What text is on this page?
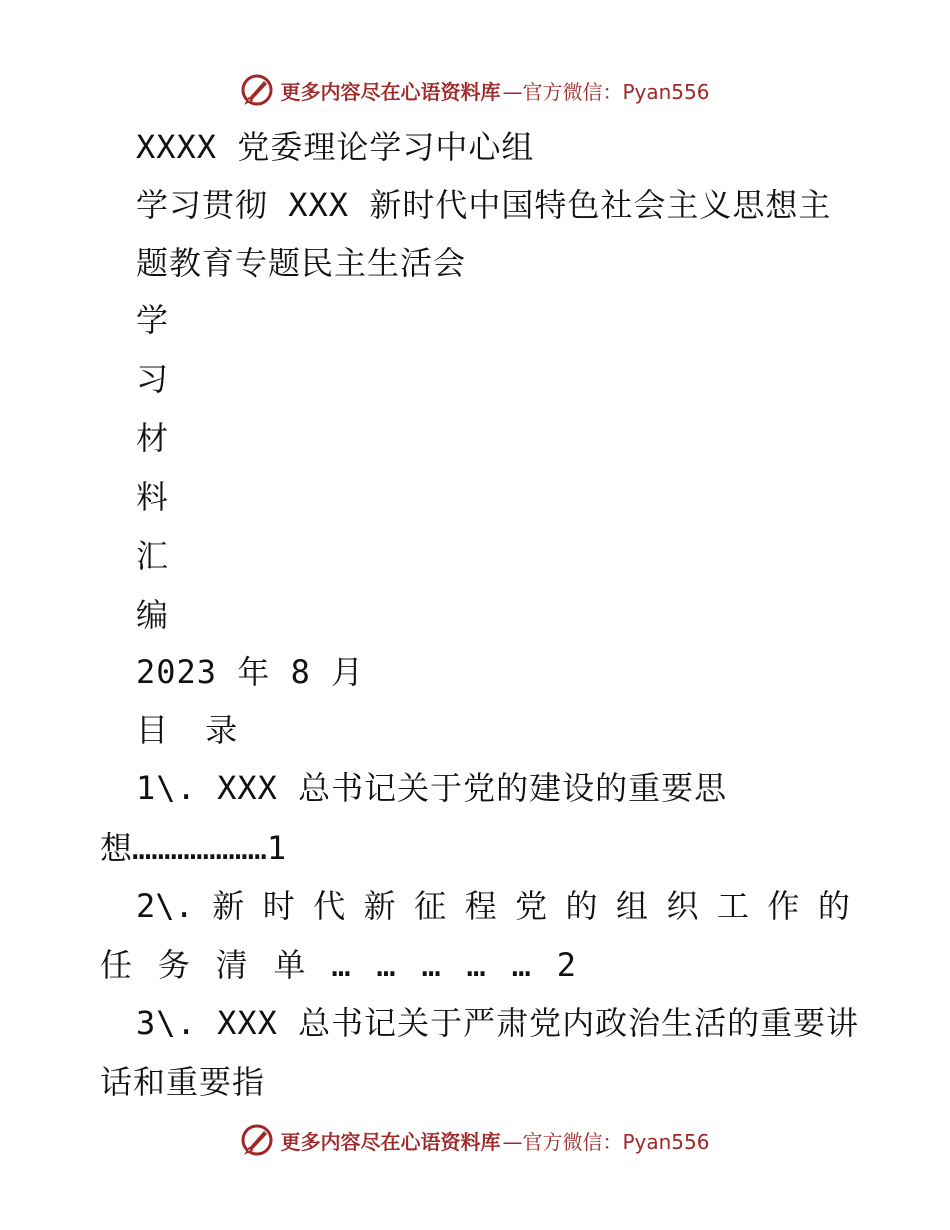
更多内容尽在心语资料库 —官方微信：Pyan556
XXXX 党委理论学习中心组
学习贯彻 XXX 新时代中国特色社会主义思想主
题教育专题民主生活会
学
习
材
料
汇
编
2023 年 8 月
目 录
1\. XXX 总书记关于党的建设的重要思
想…………………1
2\. 新 时 代 新 征 程 党 的 组 织 工 作 的
任 务 清 单 … … … … … 2
3\. XXX 总书记关于严肃党内政治生活的重要讲
话和重要指
更多内容尽在心语资料库 —官方微信：Pyan556
